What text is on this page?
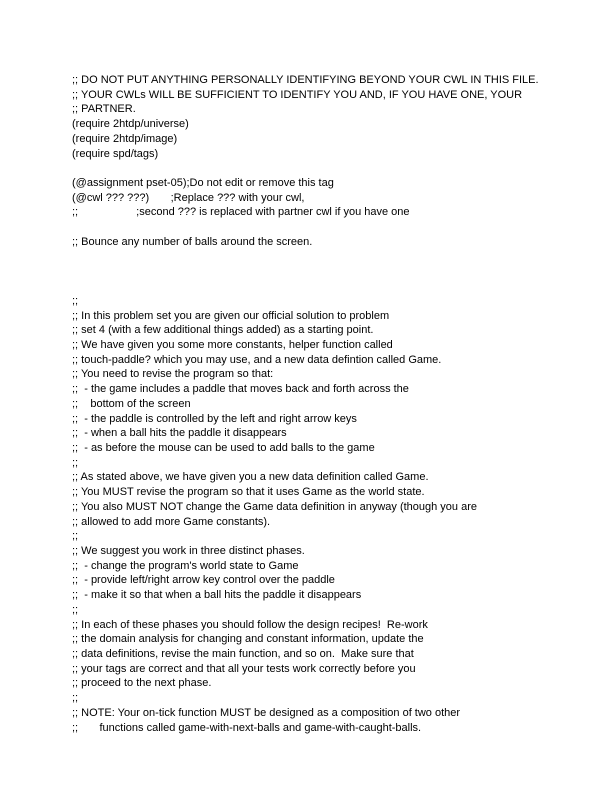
;; DO NOT PUT ANYTHING PERSONALLY IDENTIFYING BEYOND YOUR CWL IN THIS FILE.
;; YOUR CWLs WILL BE SUFFICIENT TO IDENTIFY YOU AND, IF YOU HAVE ONE, YOUR
;; PARTNER.
(require 2htdp/universe)
(require 2htdp/image)
(require spd/tags)
(@assignment pset-05);Do not edit or remove this tag
(@cwl ??? ???)       ;Replace ??? with your cwl,
;;                   ;second ??? is replaced with partner cwl if you have one
;; Bounce any number of balls around the screen.
;;
;; In this problem set you are given our official solution to problem
;; set 4 (with a few additional things added) as a starting point.
;; We have given you some more constants, helper function called
;; touch-paddle? which you may use, and a new data defintion called Game.
;; You need to revise the program so that:
;;  - the game includes a paddle that moves back and forth across the
;;    bottom of the screen
;;  - the paddle is controlled by the left and right arrow keys
;;  - when a ball hits the paddle it disappears
;;  - as before the mouse can be used to add balls to the game
;;
;; As stated above, we have given you a new data definition called Game.
;; You MUST revise the program so that it uses Game as the world state.
;; You also MUST NOT change the Game data definition in anyway (though you are
;; allowed to add more Game constants).
;;
;; We suggest you work in three distinct phases.
;;  - change the program's world state to Game
;;  - provide left/right arrow key control over the paddle
;;  - make it so that when a ball hits the paddle it disappears
;;
;; In each of these phases you should follow the design recipes!  Re-work
;; the domain analysis for changing and constant information, update the
;; data definitions, revise the main function, and so on.  Make sure that
;; your tags are correct and that all your tests work correctly before you
;; proceed to the next phase.
;;
;; NOTE: Your on-tick function MUST be designed as a composition of two other
;;       functions called game-with-next-balls and game-with-caught-balls.
